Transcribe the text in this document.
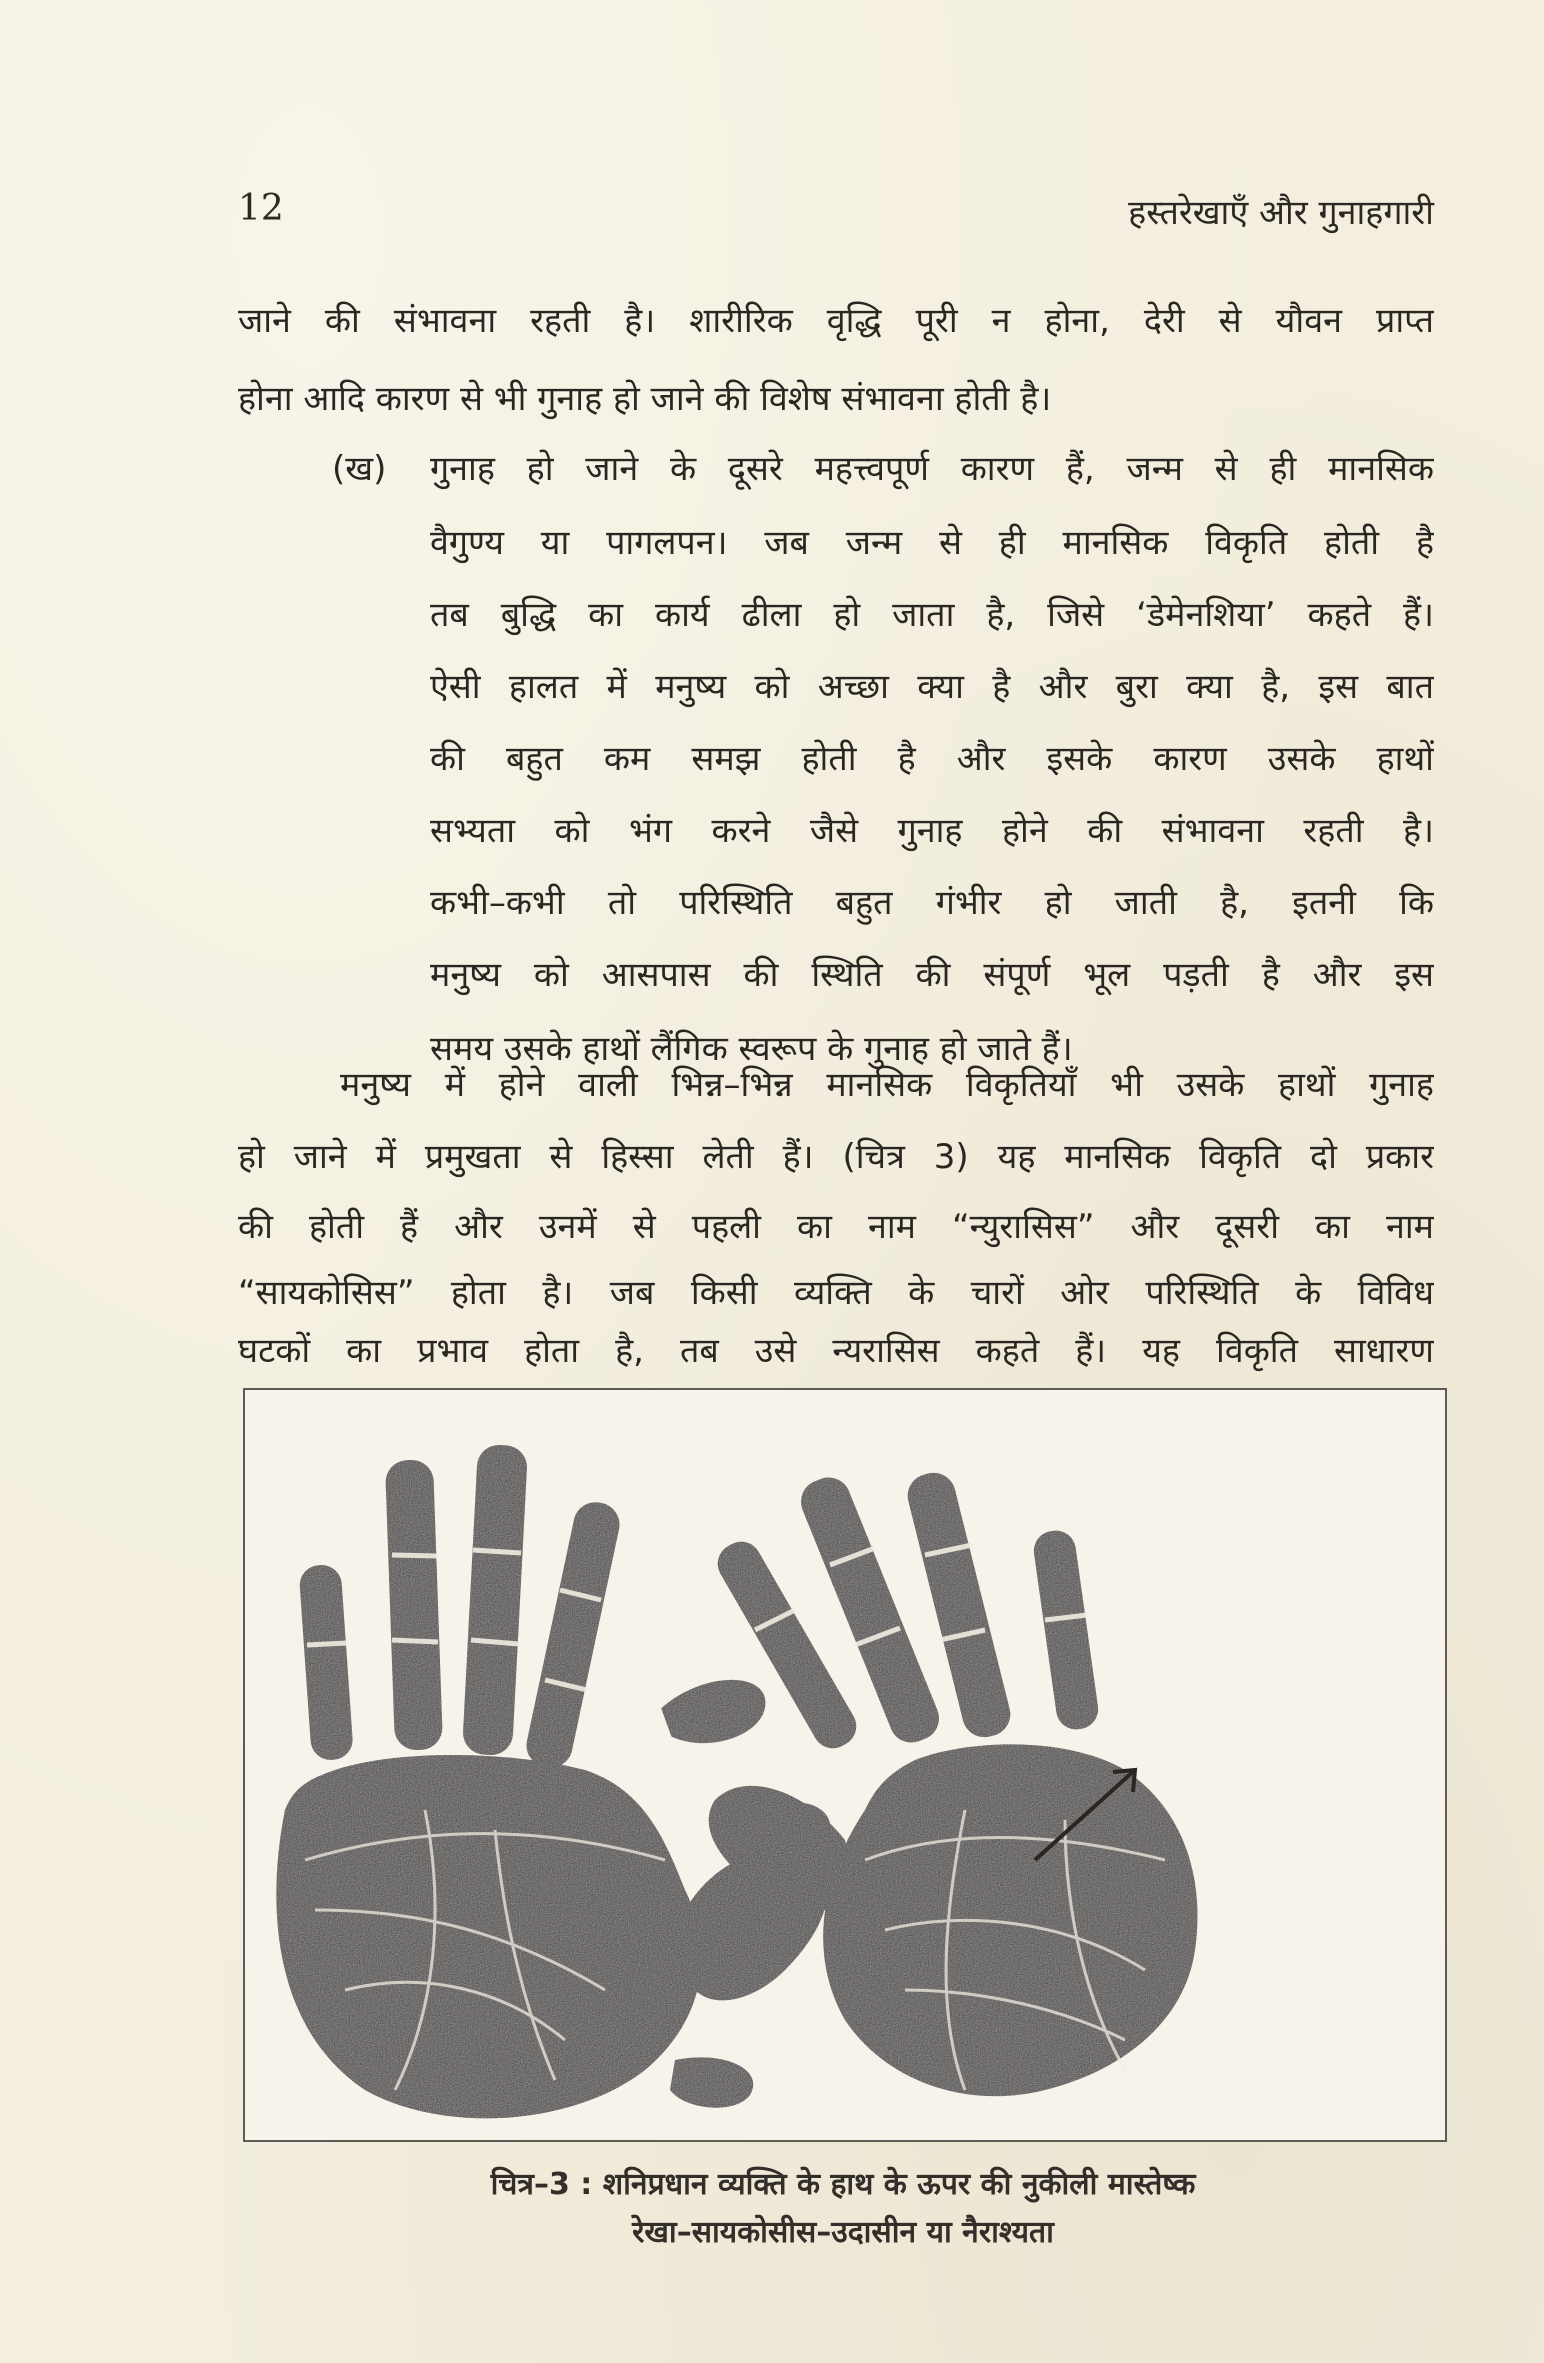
12	हस्तरेखाएँ और गुनाहगारी
जाने की संभावना रहती है। शारीरिक वृद्धि पूरी न होना, देरी से यौवन प्राप्त
होना आदि कारण से भी गुनाह हो जाने की विशेष संभावना होती है।
(ख) गुनाह हो जाने के दूसरे महत्त्वपूर्ण कारण हैं, जन्म से ही मानसिक
वैगुण्य या पागलपन। जब जन्म से ही मानसिक विकृति होती है
तब बुद्धि का कार्य ढीला हो जाता है, जिसे ‘डेमेनशिया’ कहते हैं।
ऐसी हालत में मनुष्य को अच्छा क्या है और बुरा क्या है, इस बात
की बहुत कम समझ होती है और इसके कारण उसके हाथों
सभ्यता को भंग करने जैसे गुनाह होने की संभावना रहती है।
कभी–कभी तो परिस्थिति बहुत गंभीर हो जाती है, इतनी कि
मनुष्य को आसपास की स्थिति की संपूर्ण भूल पड़ती है और इस
समय उसके हाथों लैंगिक स्वरूप के गुनाह हो जाते हैं।
मनुष्य में होने वाली भिन्न–भिन्न मानसिक विकृतियाँ भी उसके हाथों गुनाह
हो जाने में प्रमुखता से हिस्सा लेती हैं। (चित्र 3) यह मानसिक विकृति दो प्रकार
की होती हैं और उनमें से पहली का नाम “न्युरासिस” और दूसरी का नाम
“सायकोसिस” होता है। जब किसी व्यक्ति के चारों ओर परिस्थिति के विविध
घटकों का प्रभाव होता है, तब उसे न्यरासिस कहते हैं। यह विकृति साधारण
चित्र–3 : शनिप्रधान व्यक्ति के हाथ के ऊपर की नुकीली मास्तेष्क
रेखा–सायकोसीस–उदासीन या नैराश्यता
